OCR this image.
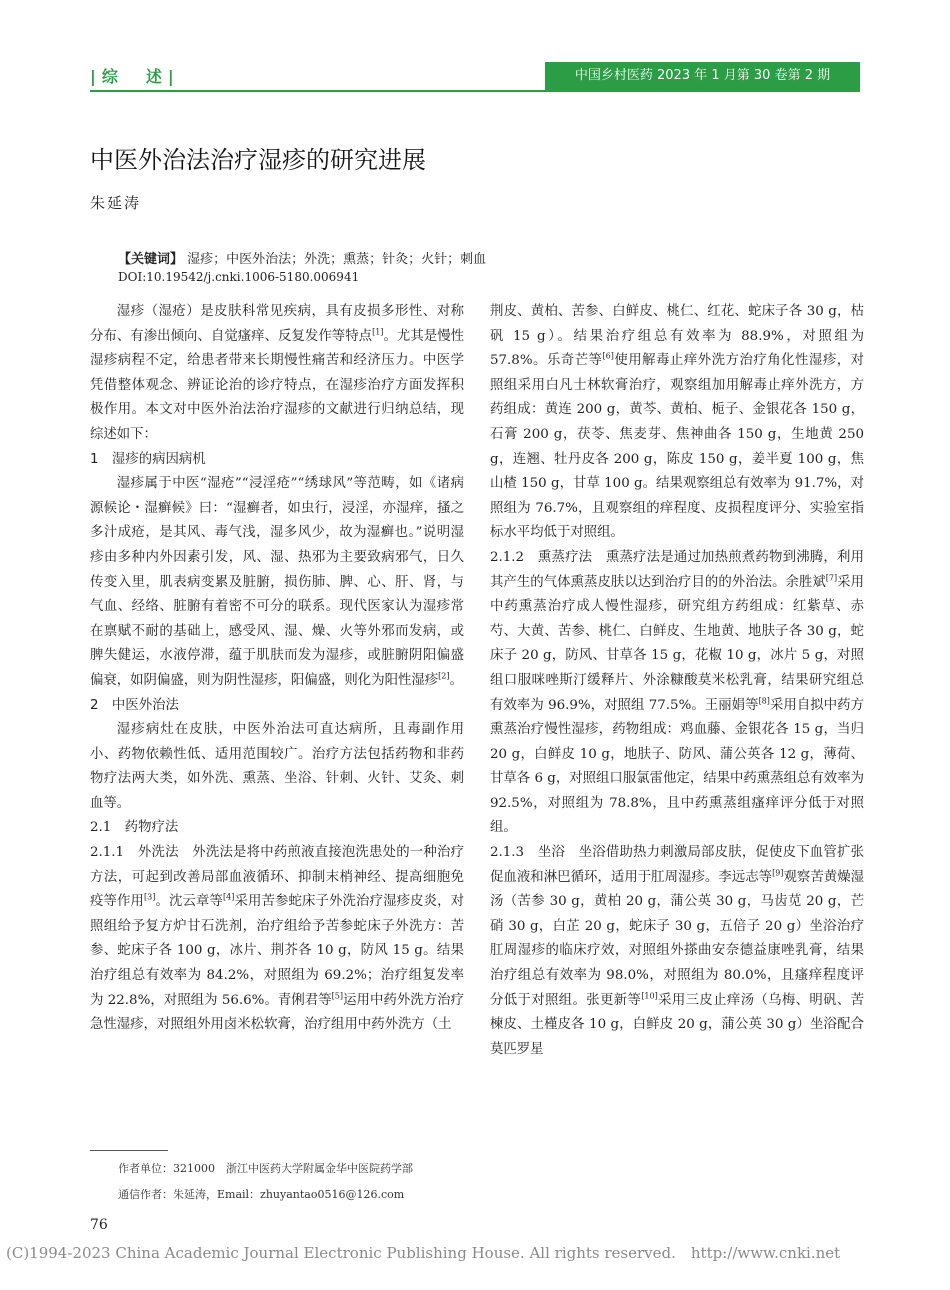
|综　述|	中国乡村医药 2023 年 1 月第 30 卷第 2 期
中医外治法治疗湿疹的研究进展
朱延涛
【关键词】 湿疹；中医外治法；外洗；熏蒸；针灸；火针；刺血
DOI:10.19542/j.cnki.1006-5180.006941

湿疹（湿疮）是皮肤科常见疾病，具有皮损多形性、对称分布、有渗出倾向、自觉瘙痒、反复发作等特点[1]。尤其是慢性湿疹病程不定，给患者带来长期慢性痛苦和经济压力。中医学凭借整体观念、辨证论治的诊疗特点，在湿疹治疗方面发挥积极作用。本文对中医外治法治疗湿疹的文献进行归纳总结，现综述如下：

1　湿疹的病因病机

湿疹属于中医“湿疮”“浸淫疮”“绣球风”等范畴，如《诸病源候论・湿癣候》曰：“湿癣者，如虫行，浸淫，亦湿痒，搔之多汁成疮，是其风、毒气浅，湿多风少，故为湿癣也。”说明湿疹由多种内外因素引发，风、湿、热邪为主要致病邪气，日久传变入里，肌表病变累及脏腑，损伤肺、脾、心、肝、肾，与气血、经络、脏腑有着密不可分的联系。现代医家认为湿疹常在禀赋不耐的基础上，感受风、湿、燥、火等外邪而发病，或脾失健运，水液停滞，蕴于肌肤而发为湿疹，或脏腑阴阳偏盛偏衰，如阴偏盛，则为阴性湿疹，阳偏盛，则化为阳性湿疹[2]。

2　中医外治法

湿疹病灶在皮肤，中医外治法可直达病所，且毒副作用小、药物依赖性低、适用范围较广。治疗方法包括药物和非药物疗法两大类，如外洗、熏蒸、坐浴、针刺、火针、艾灸、刺血等。

2.1　药物疗法

2.1.1　外洗法　外洗法是将中药煎液直接泡洗患处的一种治疗方法，可起到改善局部血液循环、抑制末梢神经、提高细胞免疫等作用[3]。沈云章等[4]采用苦参蛇床子外洗治疗湿疹皮炎，对照组给予复方炉甘石洗剂，治疗组给予苦参蛇床子外洗方：苦参、蛇床子各 100 g，冰片、荆芥各 10 g，防风 15 g。结果治疗组总有效率为 84.2%，对照组为 69.2%；治疗组复发率为 22.8%，对照组为 56.6%。青俐君等[5]运用中药外洗方治疗急性湿疹，对照组外用卤米松软膏，治疗组用中药外洗方（土

荆皮、黄柏、苦参、白鲜皮、桃仁、红花、蛇床子各 30 g，枯矾 15 g）。结果治疗组总有效率为 88.9%，对照组为 57.8%。乐奇芒等[6]使用解毒止痒外洗方治疗角化性湿疹，对照组采用白凡士林软膏治疗，观察组加用解毒止痒外洗方，方药组成：黄连 200 g，黄芩、黄柏、栀子、金银花各 150 g，石膏 200 g，茯苓、焦麦芽、焦神曲各 150 g，生地黄 250 g，连翘、牡丹皮各 200 g，陈皮 150 g，姜半夏 100 g，焦山楂 150 g，甘草 100 g。结果观察组总有效率为 91.7%，对照组为 76.7%，且观察组的痒程度、皮损程度评分、实验室指标水平均低于对照组。

2.1.2　熏蒸疗法　熏蒸疗法是通过加热煎煮药物到沸腾，利用其产生的气体熏蒸皮肤以达到治疗目的的外治法。余胜斌[7]采用中药熏蒸治疗成人慢性湿疹，研究组方药组成：红紫草、赤芍、大黄、苦参、桃仁、白鲜皮、生地黄、地肤子各 30 g，蛇床子 20 g，防风、甘草各 15 g，花椒 10 g，冰片 5 g，对照组口服咪唑斯汀缓释片、外涂糠酸莫米松乳膏，结果研究组总有效率为 96.9%，对照组 77.5%。王丽娟等[8]采用自拟中药方熏蒸治疗慢性湿疹，药物组成：鸡血藤、金银花各 15 g，当归 20 g，白鲜皮 10 g，地肤子、防风、蒲公英各 12 g，薄荷、甘草各 6 g，对照组口服氯雷他定，结果中药熏蒸组总有效率为 92.5%，对照组为 78.8%，且中药熏蒸组瘙痒评分低于对照组。

2.1.3　坐浴　坐浴借助热力刺激局部皮肤，促使皮下血管扩张促血液和淋巴循环，适用于肛周湿疹。李远志等[9]观察苦黄燥湿汤（苦参 30 g，黄柏 20 g，蒲公英 30 g，马齿苋 20 g，芒硝 30 g，白芷 20 g，蛇床子 30 g，五倍子 20 g）坐浴治疗肛周湿疹的临床疗效，对照组外搽曲安奈德益康唑乳膏，结果治疗组总有效率为 98.0%，对照组为 80.0%，且瘙痒程度评分低于对照组。张更新等[10]采用三皮止痒汤（乌梅、明矾、苦楝皮、土槿皮各 10 g，白鲜皮 20 g，蒲公英 30 g）坐浴配合莫匹罗星

作者单位：321000　浙江中医药大学附属金华中医院药学部
通信作者：朱延涛，Email：zhuyantao0516@126.com
76
(C)1994-2023 China Academic Journal Electronic Publishing House. All rights reserved.　http://www.cnki.net
